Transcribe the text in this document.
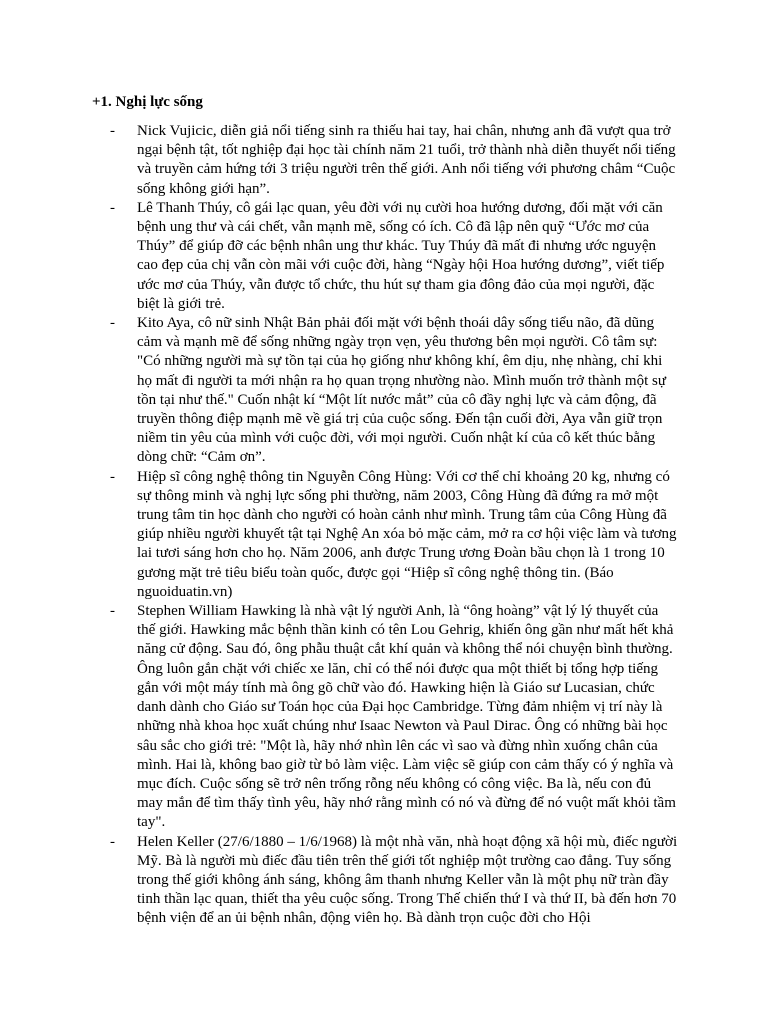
+1. Nghị lực sống
- Nick Vujicic, diễn giả nổi tiếng sinh ra thiếu hai tay, hai chân, nhưng anh đã vượt qua trở ngại bệnh tật, tốt nghiệp đại học tài chính năm 21 tuổi, trở thành nhà diễn thuyết nổi tiếng và truyền cảm hứng tới 3 triệu người trên thế giới. Anh nổi tiếng với phương châm “Cuộc sống không giới hạn”.
- Lê Thanh Thúy, cô gái lạc quan, yêu đời với nụ cười hoa hướng dương, đối mặt với căn bệnh ung thư và cái chết, vẫn mạnh mẽ, sống có ích. Cô đã lập nên quỹ “Ước mơ của Thúy” để giúp đỡ các bệnh nhân ung thư khác. Tuy Thúy đã mất đi nhưng ước nguyện cao đẹp của chị vẫn còn mãi với cuộc đời, hàng “Ngày hội Hoa hướng dương”, viết tiếp ước mơ của Thúy, vẫn được tổ chức, thu hút sự tham gia đông đảo của mọi người, đặc biệt là giới trẻ.
- Kito Aya, cô nữ sinh Nhật Bản phải đối mặt với bệnh thoái dây sống tiểu não, đã dũng cảm và mạnh mẽ để sống những ngày trọn vẹn, yêu thương bên mọi người. Cô tâm sự: "Có những người mà sự tồn tại của họ giống như không khí, êm dịu, nhẹ nhàng, chỉ khi họ mất đi người ta mới nhận ra họ quan trọng nhường nào. Mình muốn trở thành một sự tồn tại như thế." Cuốn nhật kí “Một lít nước mắt” của cô đầy nghị lực và cảm động, đã truyền thông điệp mạnh mẽ về giá trị của cuộc sống. Đến tận cuối đời, Aya vẫn giữ trọn niềm tin yêu của mình với cuộc đời, với mọi người. Cuốn nhật kí của cô kết thúc bằng dòng chữ: “Cảm ơn”.
- Hiệp sĩ công nghệ thông tin Nguyễn Công Hùng: Với cơ thể chỉ khoảng 20 kg, nhưng có sự thông minh và nghị lực sống phi thường, năm 2003, Công Hùng đã đứng ra mở một trung tâm tin học dành cho người có hoàn cảnh như mình. Trung tâm của Công Hùng đã giúp nhiều người khuyết tật tại Nghệ An xóa bỏ mặc cảm, mở ra cơ hội việc làm và tương lai tươi sáng hơn cho họ. Năm 2006, anh được Trung ương Đoàn bầu chọn là 1 trong 10 gương mặt trẻ tiêu biểu toàn quốc, được gọi “Hiệp sĩ công nghệ thông tin. (Báo nguoiduatin.vn)
- Stephen William Hawking là nhà vật lý người Anh, là “ông hoàng” vật lý lý thuyết của thế giới. Hawking mắc bệnh thần kinh có tên Lou Gehrig, khiến ông gần như mất hết khả năng cử động. Sau đó, ông phẫu thuật cắt khí quản và không thể nói chuyện bình thường. Ông luôn gắn chặt với chiếc xe lăn, chỉ có thể nói được qua một thiết bị tổng hợp tiếng gắn với một máy tính mà ông gõ chữ vào đó. Hawking hiện là Giáo sư Lucasian, chức danh dành cho Giáo sư Toán học của Đại học Cambridge. Từng đảm nhiệm vị trí này là những nhà khoa học xuất chúng như Isaac Newton và Paul Dirac. Ông có những bài học sâu sắc cho giới trẻ: "Một là, hãy nhớ nhìn lên các vì sao và đừng nhìn xuống chân của mình. Hai là, không bao giờ từ bỏ làm việc. Làm việc sẽ giúp con cảm thấy có ý nghĩa và mục đích. Cuộc sống sẽ trở nên trống rỗng nếu không có công việc. Ba là, nếu con đủ may mắn để tìm thấy tình yêu, hãy nhớ rằng mình có nó và đừng để nó vuột mất khỏi tầm tay".
- Helen Keller (27/6/1880 – 1/6/1968) là một nhà văn, nhà hoạt động xã hội mù, điếc người Mỹ. Bà là người mù điếc đầu tiên trên thế giới tốt nghiệp một trường cao đẳng. Tuy sống trong thế giới không ánh sáng, không âm thanh nhưng Keller vẫn là một phụ nữ tràn đầy tinh thần lạc quan, thiết tha yêu cuộc sống. Trong Thế chiến thứ I và thứ II, bà đến hơn 70 bệnh viện để an ủi bệnh nhân, động viên họ. Bà dành trọn cuộc đời cho Hội
